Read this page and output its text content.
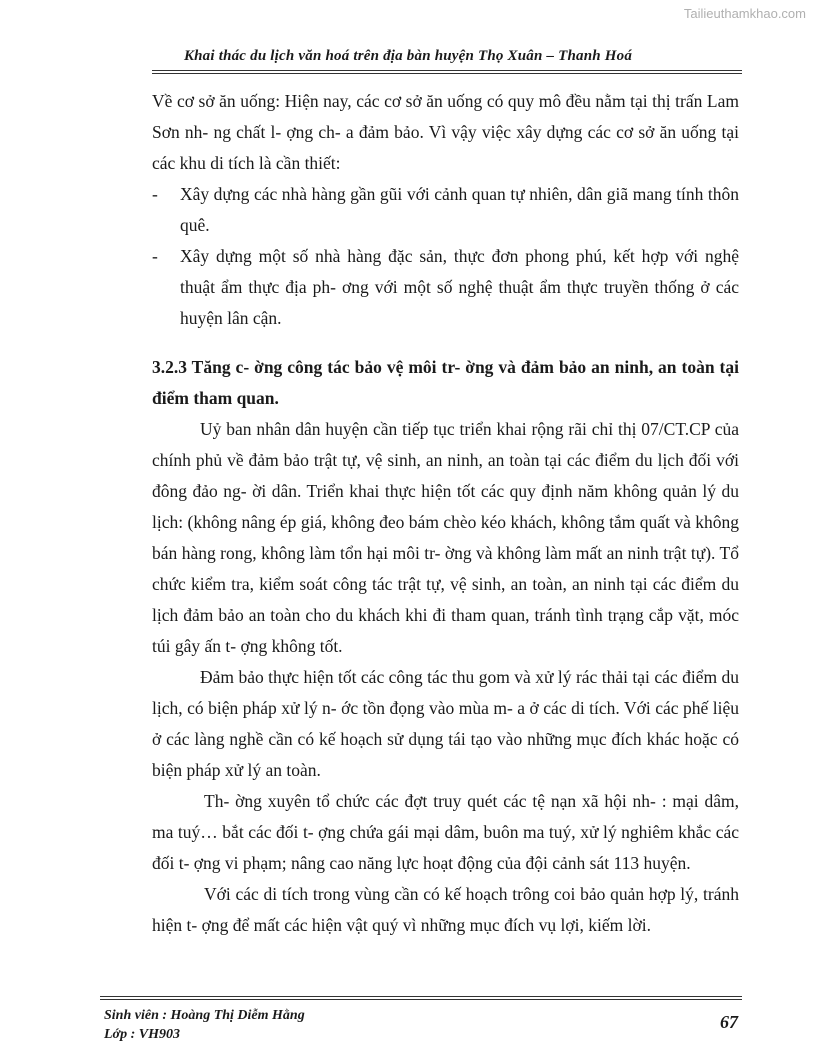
Tailieuthamkhao.com
Khai thác du lịch văn hoá trên địa bàn huyện Thọ Xuân – Thanh Hoá

Về cơ sở ăn uống: Hiện nay, các cơ sở ăn uống có quy mô đều nằm tại thị trấn Lam Sơn nh- ng chất l- ợng ch- a đảm bảo. Vì vậy việc xây dựng các cơ sở ăn uống tại các khu di tích là cần thiết:

-	Xây dựng các nhà hàng gần gũi với cảnh quan tự nhiên, dân giã mang tính thôn quê.
-	Xây dựng một số nhà hàng đặc sản, thực đơn phong phú, kết hợp với nghệ thuật ẩm thực địa ph- ơng với một số nghệ thuật ẩm thực truyền thống ở các huyện lân cận.

3.2.3 Tăng c- ờng công tác bảo vệ môi tr- ờng và đảm bảo an ninh, an toàn tại điểm tham quan.

Uỷ ban nhân dân huyện cần tiếp tục triển khai rộng rãi chỉ thị 07/CT.CP của chính phủ về đảm bảo trật tự, vệ sinh, an ninh, an toàn tại các điểm du lịch đối với đông đảo ng- ời dân. Triển khai thực hiện tốt các quy định năm không quản lý du lịch: (không nâng ép giá, không đeo bám chèo kéo khách, không tắm quất và không bán hàng rong, không làm tổn hại môi tr- ờng và không làm mất an ninh trật tự). Tổ chức kiểm tra, kiểm soát công tác trật tự, vệ sinh, an toàn, an ninh tại các điểm du lịch đảm bảo an toàn cho du khách khi đi tham quan, tránh tình trạng cắp vặt, móc túi gây ấn t- ợng không tốt.

Đảm bảo thực hiện tốt các công tác thu gom và xử lý rác thải tại các điểm du lịch, có biện pháp xử lý n- ớc tồn đọng vào mùa m- a ở các di tích. Với các phế liệu ở các làng nghề cần có kế hoạch sử dụng tái tạo vào những mục đích khác hoặc có biện pháp xử lý an toàn.

Th- ờng xuyên tổ chức các đợt truy quét các tệ nạn xã hội nh- : mại dâm, ma tuý… bắt các đối t- ợng chứa gái mại dâm, buôn ma tuý, xử lý nghiêm khắc các đối t- ợng vi phạm; nâng cao năng lực hoạt động của đội cảnh sát 113 huyện.

Với các di tích trong vùng cần có kế hoạch trông coi bảo quản hợp lý, tránh hiện t- ợng để mất các hiện vật quý vì những mục đích vụ lợi, kiếm lời.

Sinh viên : Hoàng Thị Diễm Hằng
Lớp : VH903
67
